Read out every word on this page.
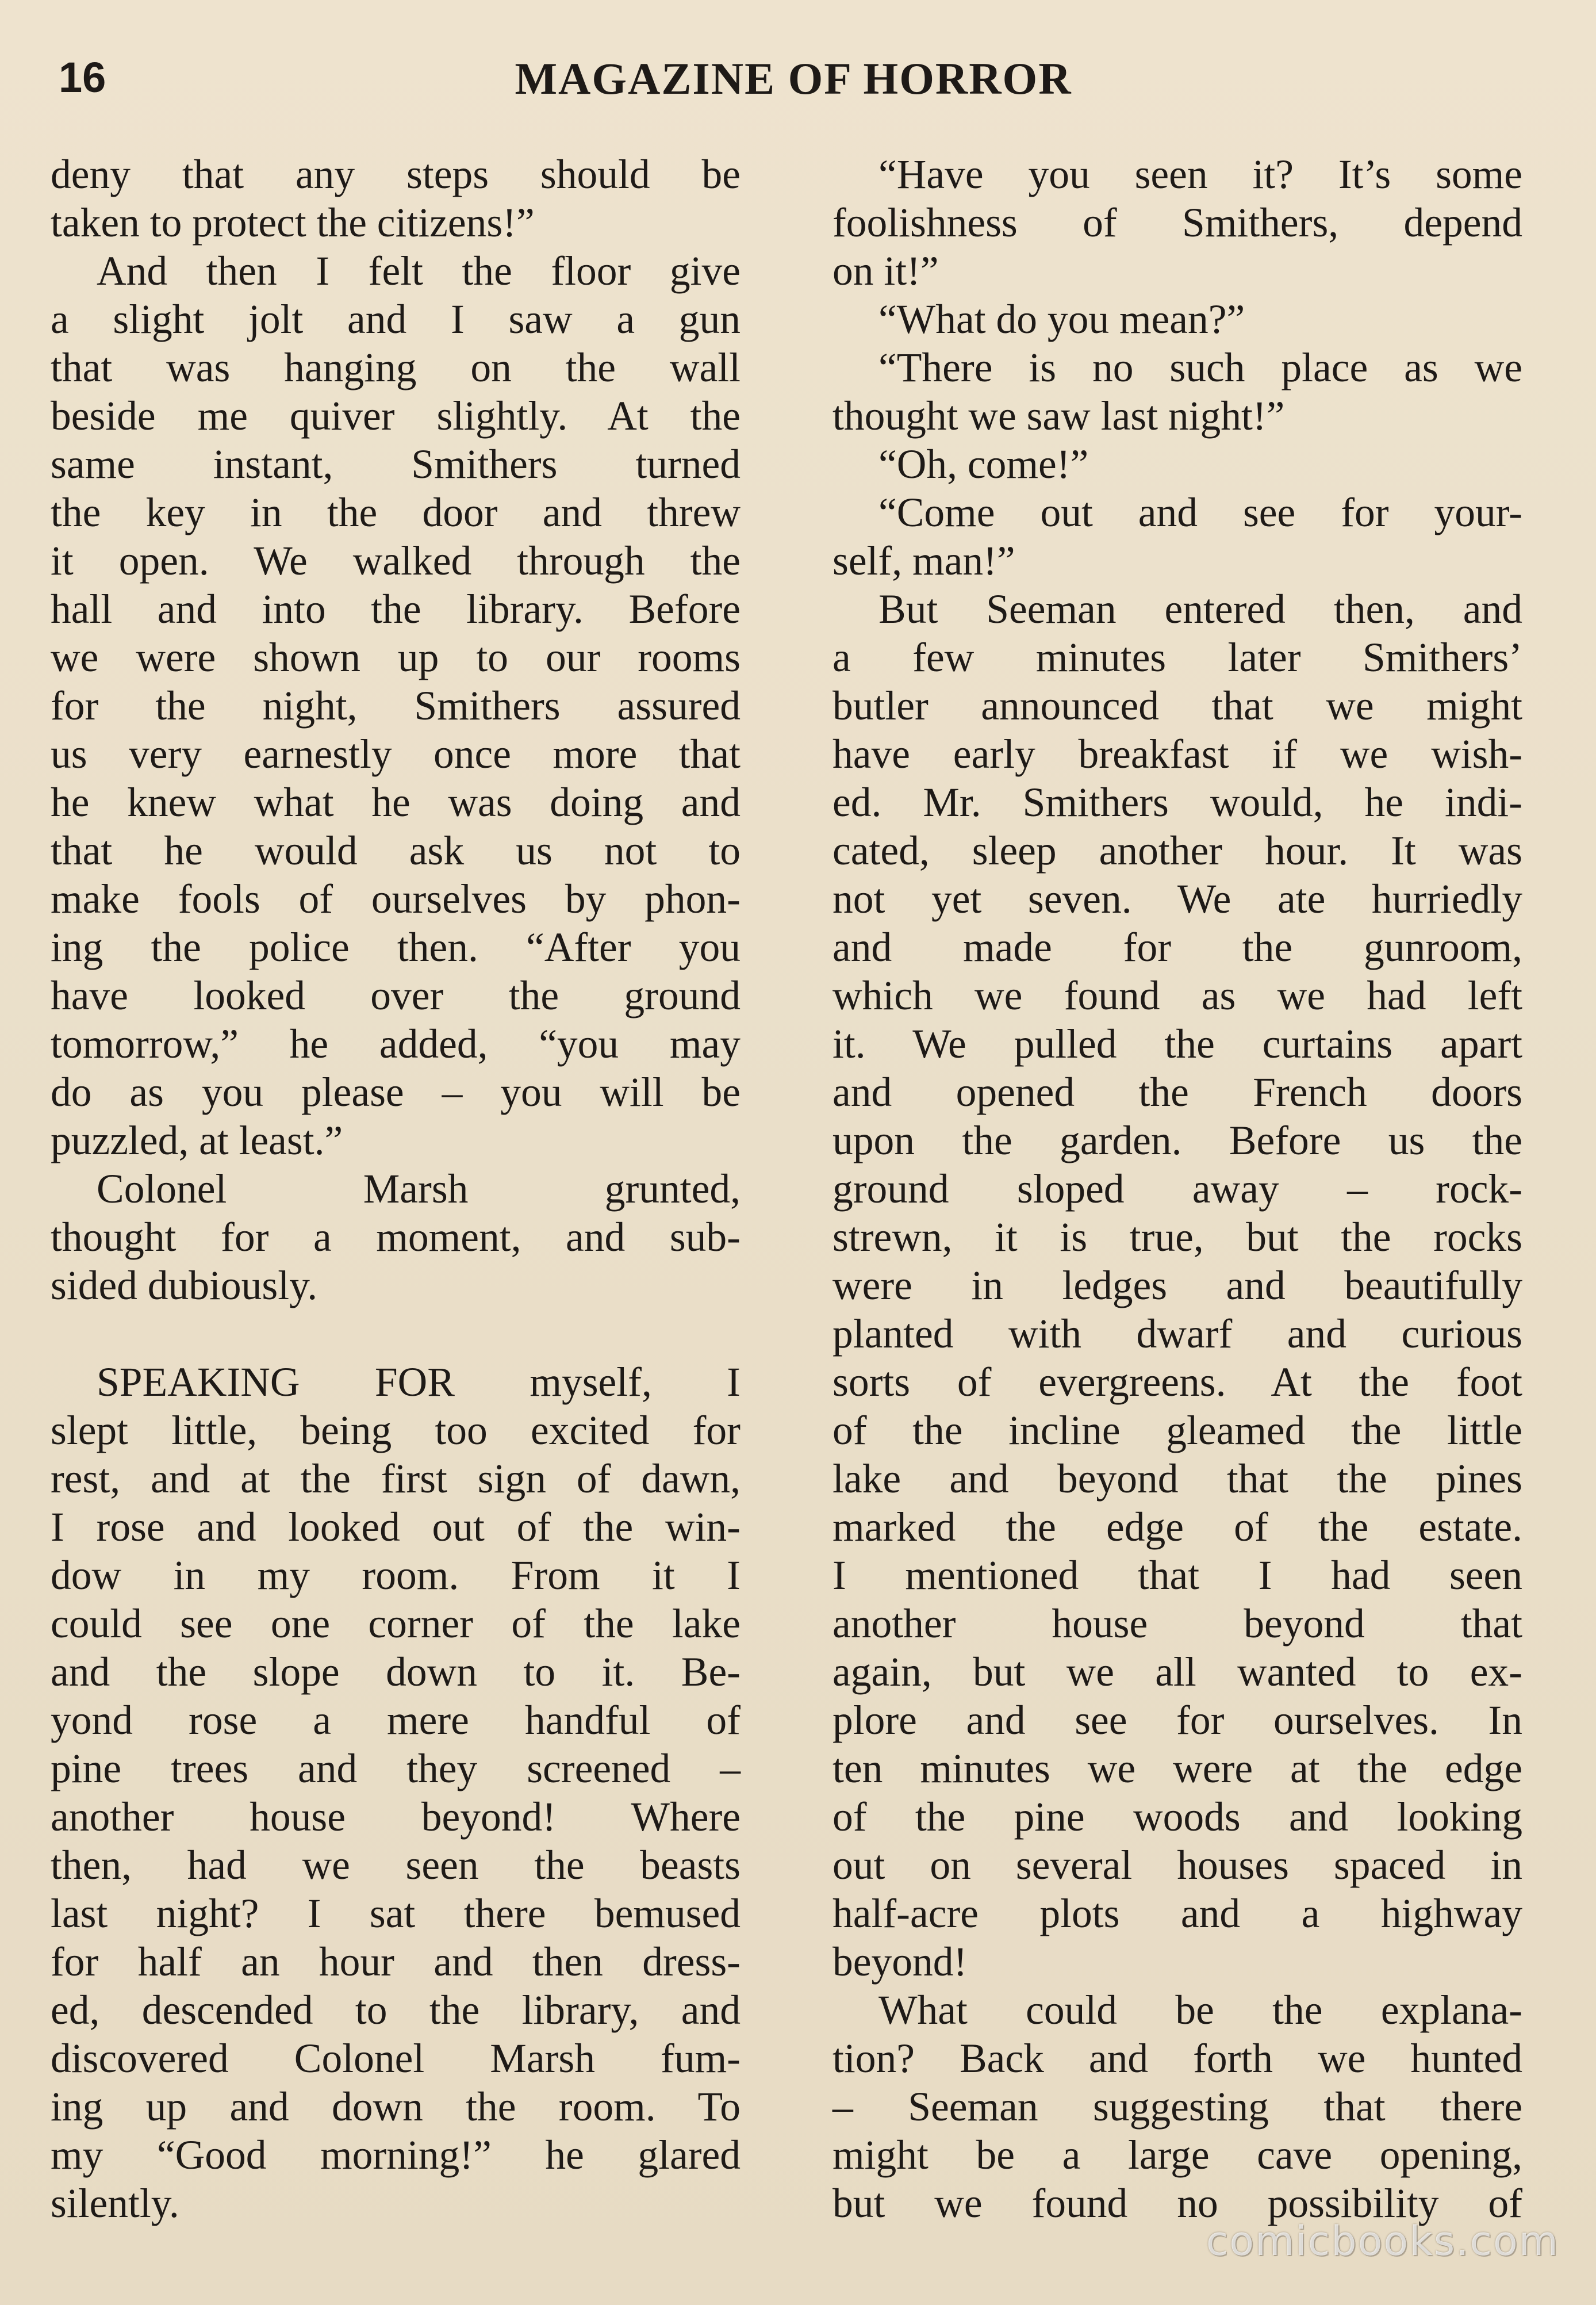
16	MAGAZINE OF HORROR
deny that any steps should be
taken to protect the citizens!”
And then I felt the floor give
a slight jolt and I saw a gun
that was hanging on the wall
beside me quiver slightly. At the
same instant, Smithers turned
the key in the door and threw
it open. We walked through the
hall and into the library. Before
we were shown up to our rooms
for the night, Smithers assured
us very earnestly once more that
he knew what he was doing and
that he would ask us not to
make fools of ourselves by phon-
ing the police then. “After you
have looked over the ground
tomorrow,” he added, “you may
do as you please – you will be
puzzled, at least.”
Colonel Marsh grunted,
thought for a moment, and sub-
sided dubiously.
SPEAKING FOR myself, I
slept little, being too excited for
rest, and at the first sign of dawn,
I rose and looked out of the win-
dow in my room. From it I
could see one corner of the lake
and the slope down to it. Be-
yond rose a mere handful of
pine trees and they screened –
another house beyond! Where
then, had we seen the beasts
last night? I sat there bemused
for half an hour and then dress-
ed, descended to the library, and
discovered Colonel Marsh fum-
ing up and down the room. To
my “Good morning!” he glared
silently.
“Have you seen it? It’s some
foolishness of Smithers, depend
on it!”
“What do you mean?”
“There is no such place as we
thought we saw last night!”
“Oh, come!”
“Come out and see for your-
self, man!”
But Seeman entered then, and
a few minutes later Smithers’
butler announced that we might
have early breakfast if we wish-
ed. Mr. Smithers would, he indi-
cated, sleep another hour. It was
not yet seven. We ate hurriedly
and made for the gunroom,
which we found as we had left
it. We pulled the curtains apart
and opened the French doors
upon the garden. Before us the
ground sloped away – rock-
strewn, it is true, but the rocks
were in ledges and beautifully
planted with dwarf and curious
sorts of evergreens. At the foot
of the incline gleamed the little
lake and beyond that the pines
marked the edge of the estate.
I mentioned that I had seen
another house beyond that
again, but we all wanted to ex-
plore and see for ourselves. In
ten minutes we were at the edge
of the pine woods and looking
out on several houses spaced in
half-acre plots and a highway
beyond!
What could be the explana-
tion? Back and forth we hunted
– Seeman suggesting that there
might be a large cave opening,
but we found no possibility of
comicbooks.com
